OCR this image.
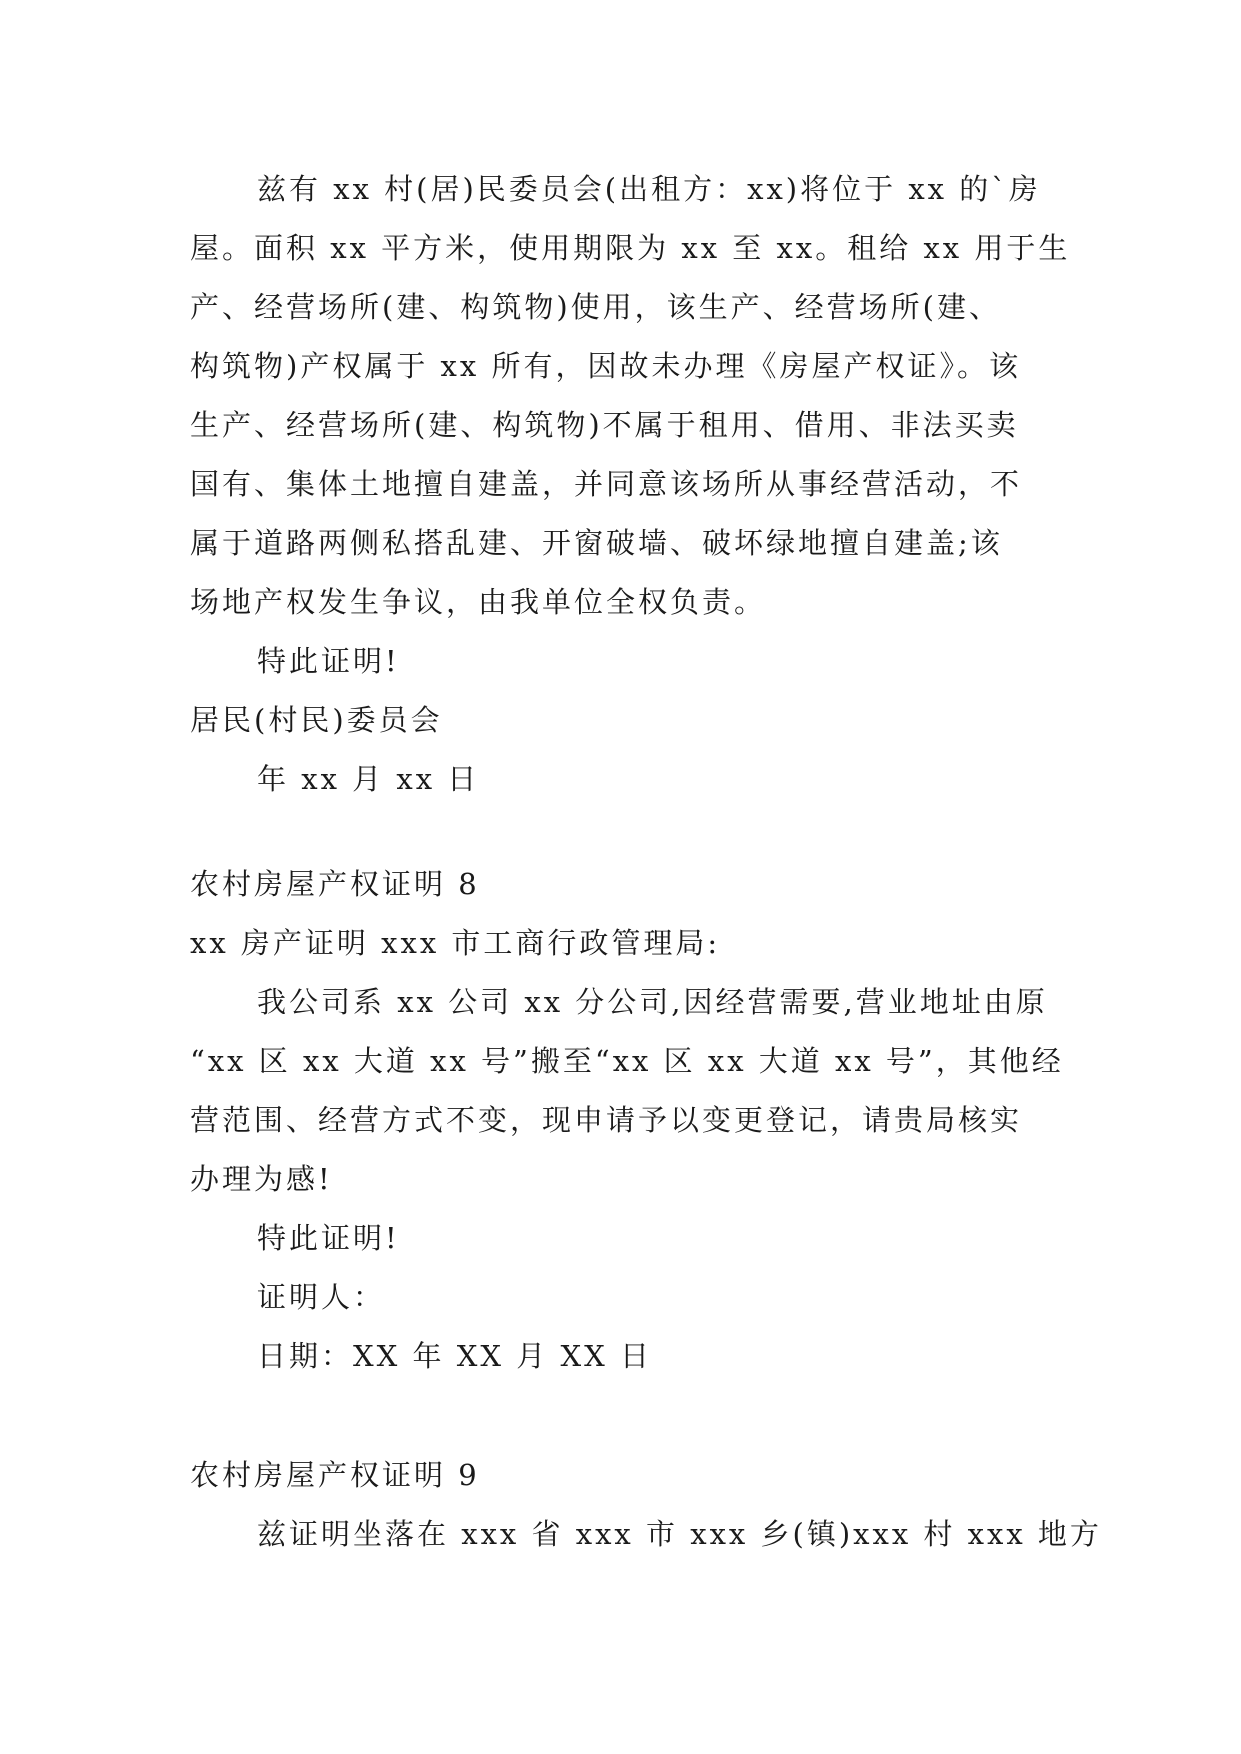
兹有 xx 村(居)民委员会(出租方：xx)将位于 xx 的`房
屋。面积 xx 平方米，使用期限为 xx 至 xx。租给 xx 用于生
产、经营场所(建、构筑物)使用，该生产、经营场所(建、
构筑物)产权属于 xx 所有，因故未办理《房屋产权证》。该
生产、经营场所(建、构筑物)不属于租用、借用、非法买卖
国有、集体土地擅自建盖，并同意该场所从事经营活动，不
属于道路两侧私搭乱建、开窗破墙、破坏绿地擅自建盖;该
场地产权发生争议，由我单位全权负责。
特此证明!
居民(村民)委员会
年 xx 月 xx 日
农村房屋产权证明 8
xx 房产证明 xxx 市工商行政管理局:
我公司系 xx 公司 xx 分公司,因经营需要,营业地址由原
“xx 区 xx 大道 xx 号”搬至“xx 区 xx 大道 xx 号”，其他经
营范围、经营方式不变，现申请予以变更登记，请贵局核实
办理为感!
特此证明!
证明人：
日期：XX 年 XX 月 XX 日
农村房屋产权证明 9
兹证明坐落在 xxx 省 xxx 市 xxx 乡(镇)xxx 村 xxx 地方
